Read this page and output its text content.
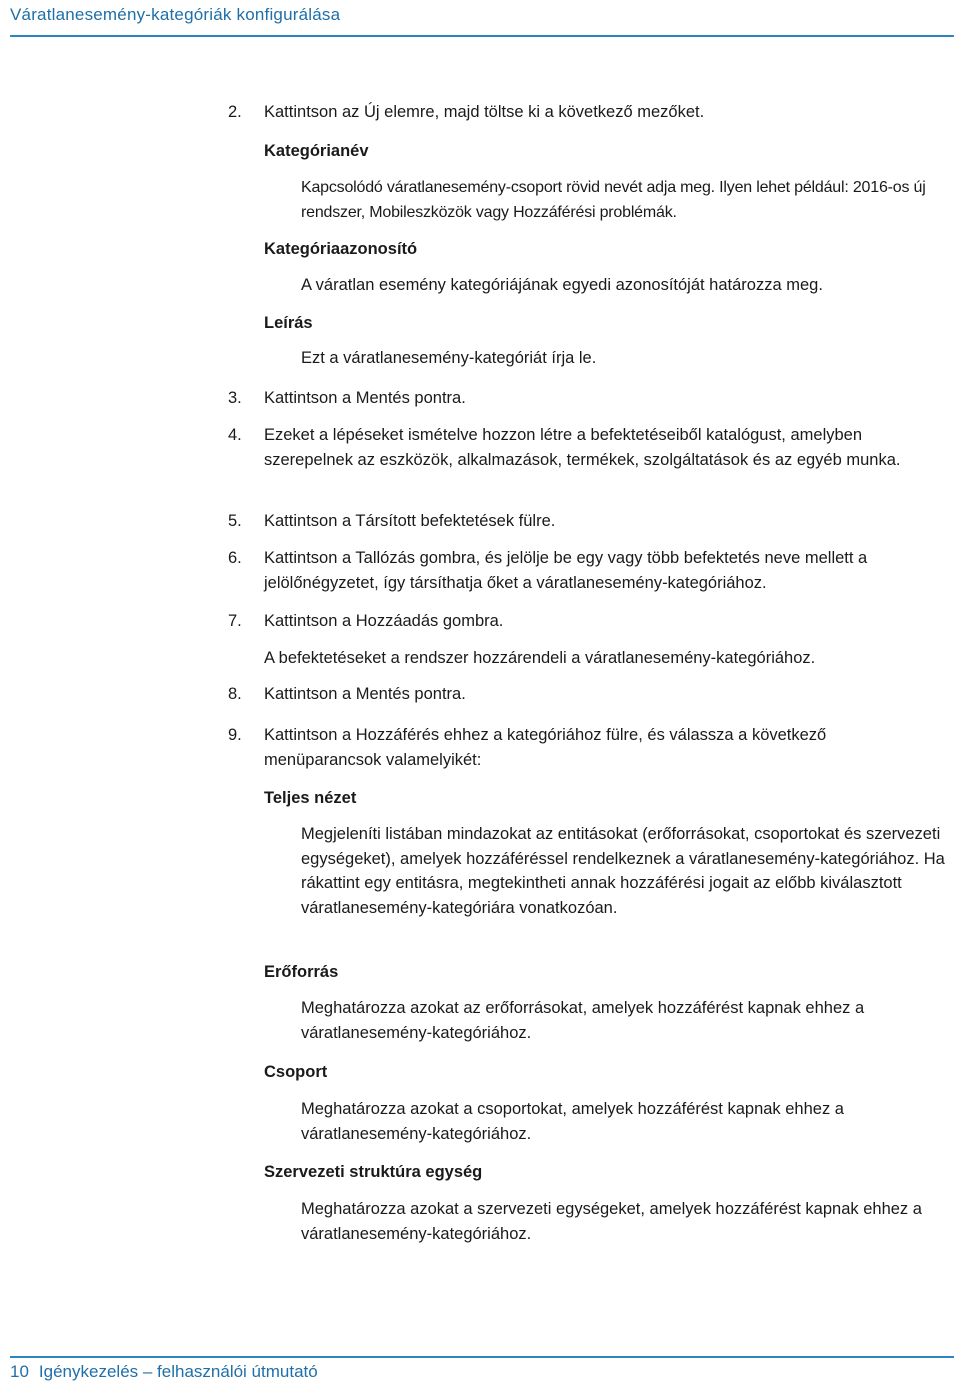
Váratlanesemény-kategóriák konfigurálása
2.	Kattintson az Új elemre, majd töltse ki a következő mezőket.
Kategórianév
Kapcsolódó váratlanesemény-csoport rövid nevét adja meg. Ilyen lehet például: 2016-os új rendszer, Mobileszközök vagy Hozzáférési problémák.
Kategóriaazonosító
A váratlan esemény kategóriájának egyedi azonosítóját határozza meg.
Leírás
Ezt a váratlanesemény-kategóriát írja le.
3.	Kattintson a Mentés pontra.
4.	Ezeket a lépéseket ismételve hozzon létre a befektetéseiből katalógust, amelyben szerepelnek az eszközök, alkalmazások, termékek, szolgáltatások és az egyéb munka.
5.	Kattintson a Társított befektetések fülre.
6.	Kattintson a Tallózás gombra, és jelölje be egy vagy több befektetés neve mellett a jelölőnégyzetet, így társíthatja őket a váratlanesemény-kategóriához.
7.	Kattintson a Hozzáadás gombra.
A befektetéseket a rendszer hozzárendeli a váratlanesemény-kategóriához.
8.	Kattintson a Mentés pontra.
9.	Kattintson a Hozzáférés ehhez a kategóriához fülre, és válassza a következő menüparancsok valamelyikét:
Teljes nézet
Megjeleníti listában mindazokat az entitásokat (erőforrásokat, csoportokat és szervezeti egységeket), amelyek hozzáféréssel rendelkeznek a váratlanesemény-kategóriához. Ha rákattint egy entitásra, megtekintheti annak hozzáférési jogait az előbb kiválasztott váratlanesemény-kategóriára vonatkozóan.
Erőforrás
Meghatározza azokat az erőforrásokat, amelyek hozzáférést kapnak ehhez a váratlanesemény-kategóriához.
Csoport
Meghatározza azokat a csoportokat, amelyek hozzáférést kapnak ehhez a váratlanesemény-kategóriához.
Szervezeti struktúra egység
Meghatározza azokat a szervezeti egységeket, amelyek hozzáférést kapnak ehhez a váratlanesemény-kategóriához.
10 Igénykezelés – felhasználói útmutató
